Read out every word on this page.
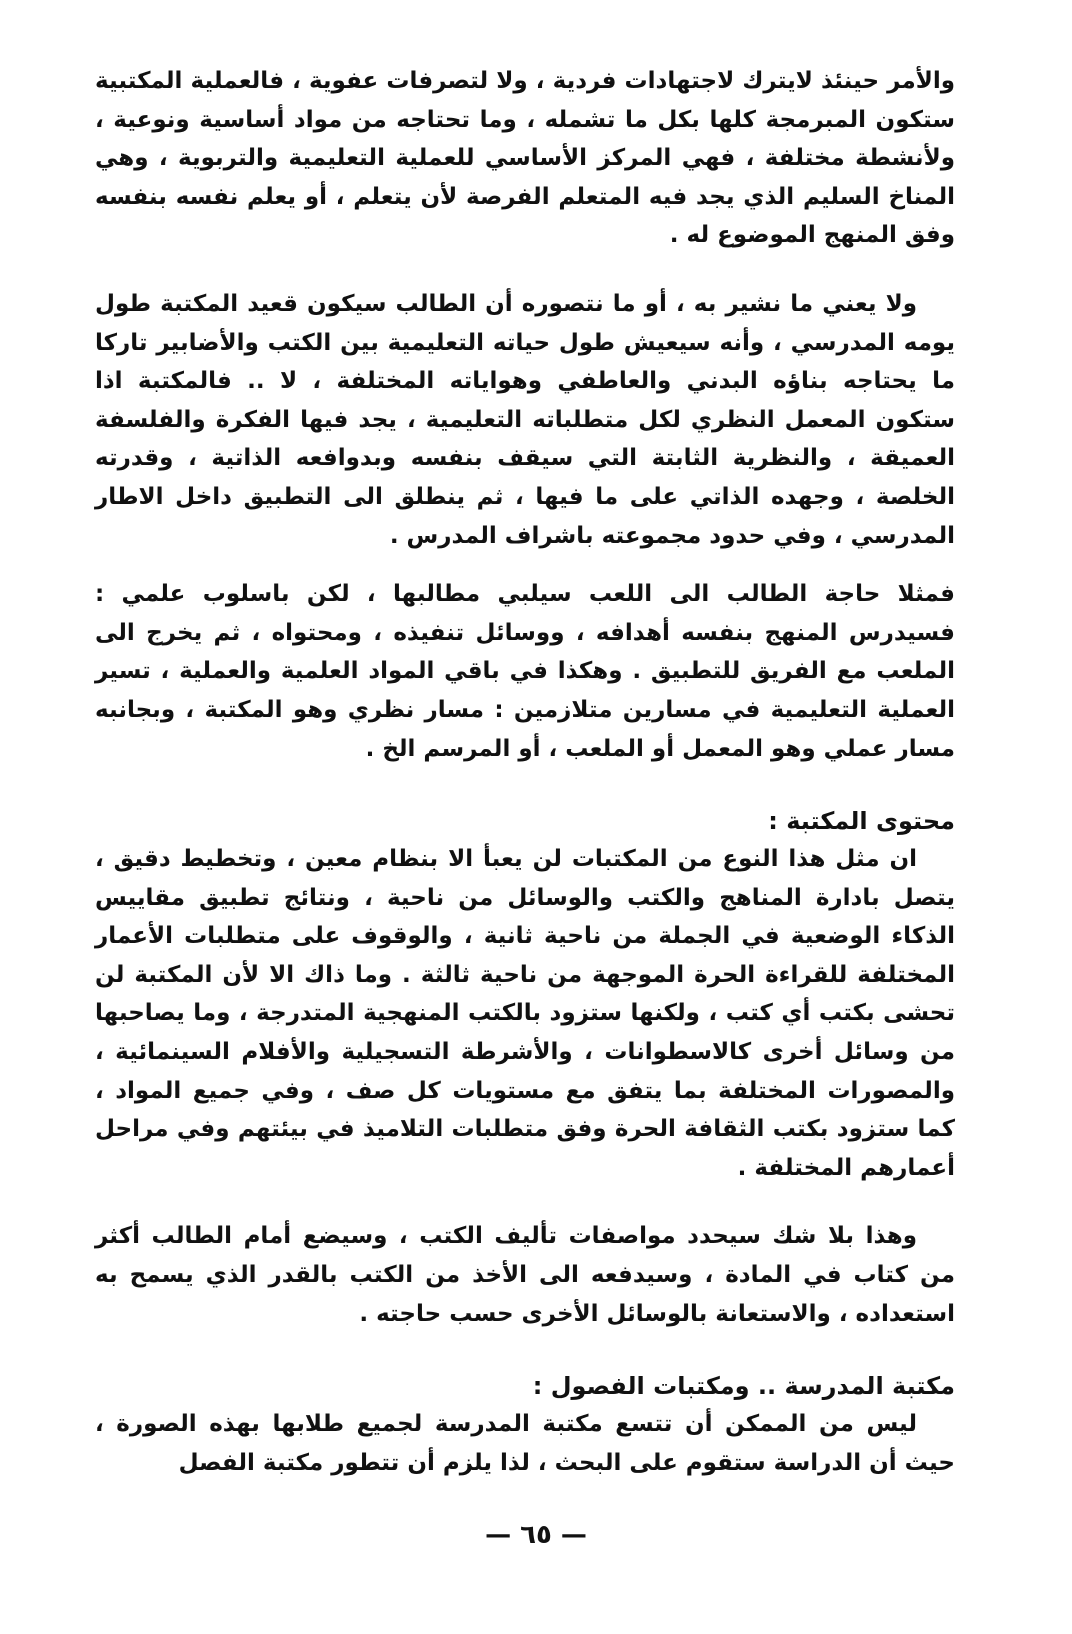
والأمر حينئذ لايترك لاجتهادات فردية ، ولا لتصرفات عفوية ، فالعملية المكتبية ستكون المبرمجة كلها بكل ما تشمله ، وما تحتاجه من مواد أساسية ونوعية ، ولأنشطة مختلفة ، فهي المركز الأساسي للعملية التعليمية والتربوية ، وهي المناخ السليم الذي يجد فيه المتعلم الفرصة لأن يتعلم ، أو يعلم نفسه بنفسه وفق المنهج الموضوع له .

ولا يعني ما نشير به ، أو ما نتصوره أن الطالب سيكون قعيد المكتبة طول يومه المدرسي ، وأنه سيعيش طول حياته التعليمية بين الكتب والأضابير تاركا ما يحتاجه بناؤه البدني والعاطفي وهواياته المختلفة ، لا .. فالمكتبة اذا ستكون المعمل النظري لكل متطلباته التعليمية ، يجد فيها الفكرة والفلسفة العميقة ، والنظرية الثابتة التي سيقف بنفسه وبدوافعه الذاتية ، وقدرته الخلصة ، وجهده الذاتي على ما فيها ، ثم ينطلق الى التطبيق داخل الاطار المدرسي ، وفي حدود مجموعته باشراف المدرس .

فمثلا حاجة الطالب الى اللعب سيلبي مطالبها ، لكن باسلوب علمي : فسيدرس المنهج بنفسه أهدافه ، ووسائل تنفيذه ، ومحتواه ، ثم يخرج الى الملعب مع الفريق للتطبيق . وهكذا في باقي المواد العلمية والعملية ، تسير العملية التعليمية في مسارين متلازمين : مسار نظري وهو المكتبة ، وبجانبه مسار عملي وهو المعمل أو الملعب ، أو المرسم الخ .

محتوى المكتبة :

ان مثل هذا النوع من المكتبات لن يعبأ الا بنظام معين ، وتخطيط دقيق ، يتصل بادارة المناهج والكتب والوسائل من ناحية ، ونتائج تطبيق مقاييس الذكاء الوضعية في الجملة من ناحية ثانية ، والوقوف على متطلبات الأعمار المختلفة للقراءة الحرة الموجهة من ناحية ثالثة . وما ذاك الا لأن المكتبة لن تحشى بكتب أي كتب ، ولكنها ستزود بالكتب المنهجية المتدرجة ، وما يصاحبها من وسائل أخرى كالاسطوانات ، والأشرطة التسجيلية والأفلام السينمائية ، والمصورات المختلفة بما يتفق مع مستويات كل صف ، وفي جميع المواد ، كما ستزود بكتب الثقافة الحرة وفق متطلبات التلاميذ في بيئتهم وفي مراحل أعمارهم المختلفة .

وهذا بلا شك سيحدد مواصفات تأليف الكتب ، وسيضع أمام الطالب أكثر من كتاب في المادة ، وسيدفعه الى الأخذ من الكتب بالقدر الذي يسمح به استعداده ، والاستعانة بالوسائل الأخرى حسب حاجته .

مكتبة المدرسة .. ومكتبات الفصول :

ليس من الممكن أن تتسع مكتبة المدرسة لجميع طلابها بهذه الصورة ، حيث أن الدراسة ستقوم على البحث ، لذا يلزم أن تتطور مكتبة الفصل

— ٦٥ —
